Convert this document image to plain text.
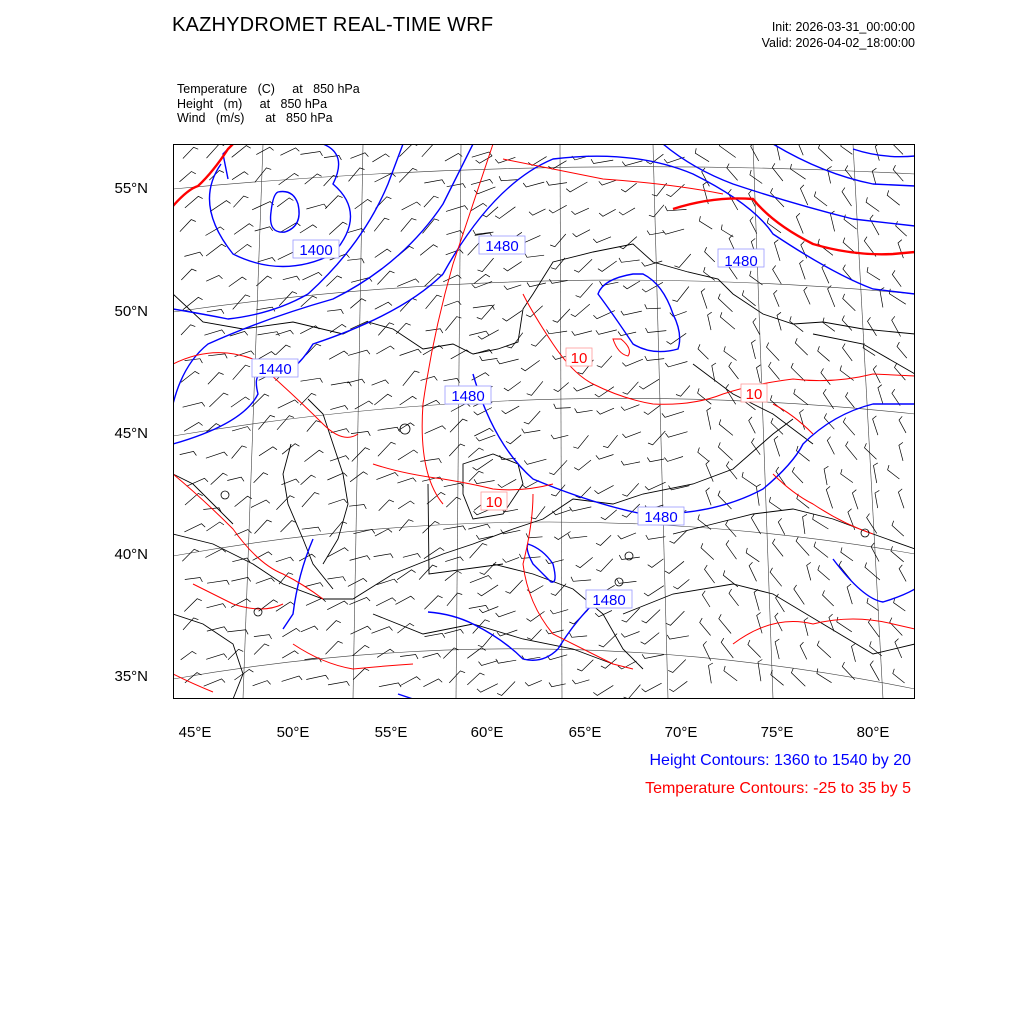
KAZHYDROMET REAL-TIME WRF	Init: 2026-03-31_00:00:00
Valid: 2026-04-02_18:00:00
Temperature   (C)     at   850 hPa
Height   (m)     at   850 hPa
Wind   (m/s)      at   850 hPa
1400	1480
1440
1480
1480
1480
1480
10
10
10
55°N
50°N
45°N
40°N
35°N
45°E	50°E	55°E	60°E	65°E	70°E	75°E	80°E
Height Contours: 1360 to 1540 by 20
Temperature Contours: -25 to 35 by 5
